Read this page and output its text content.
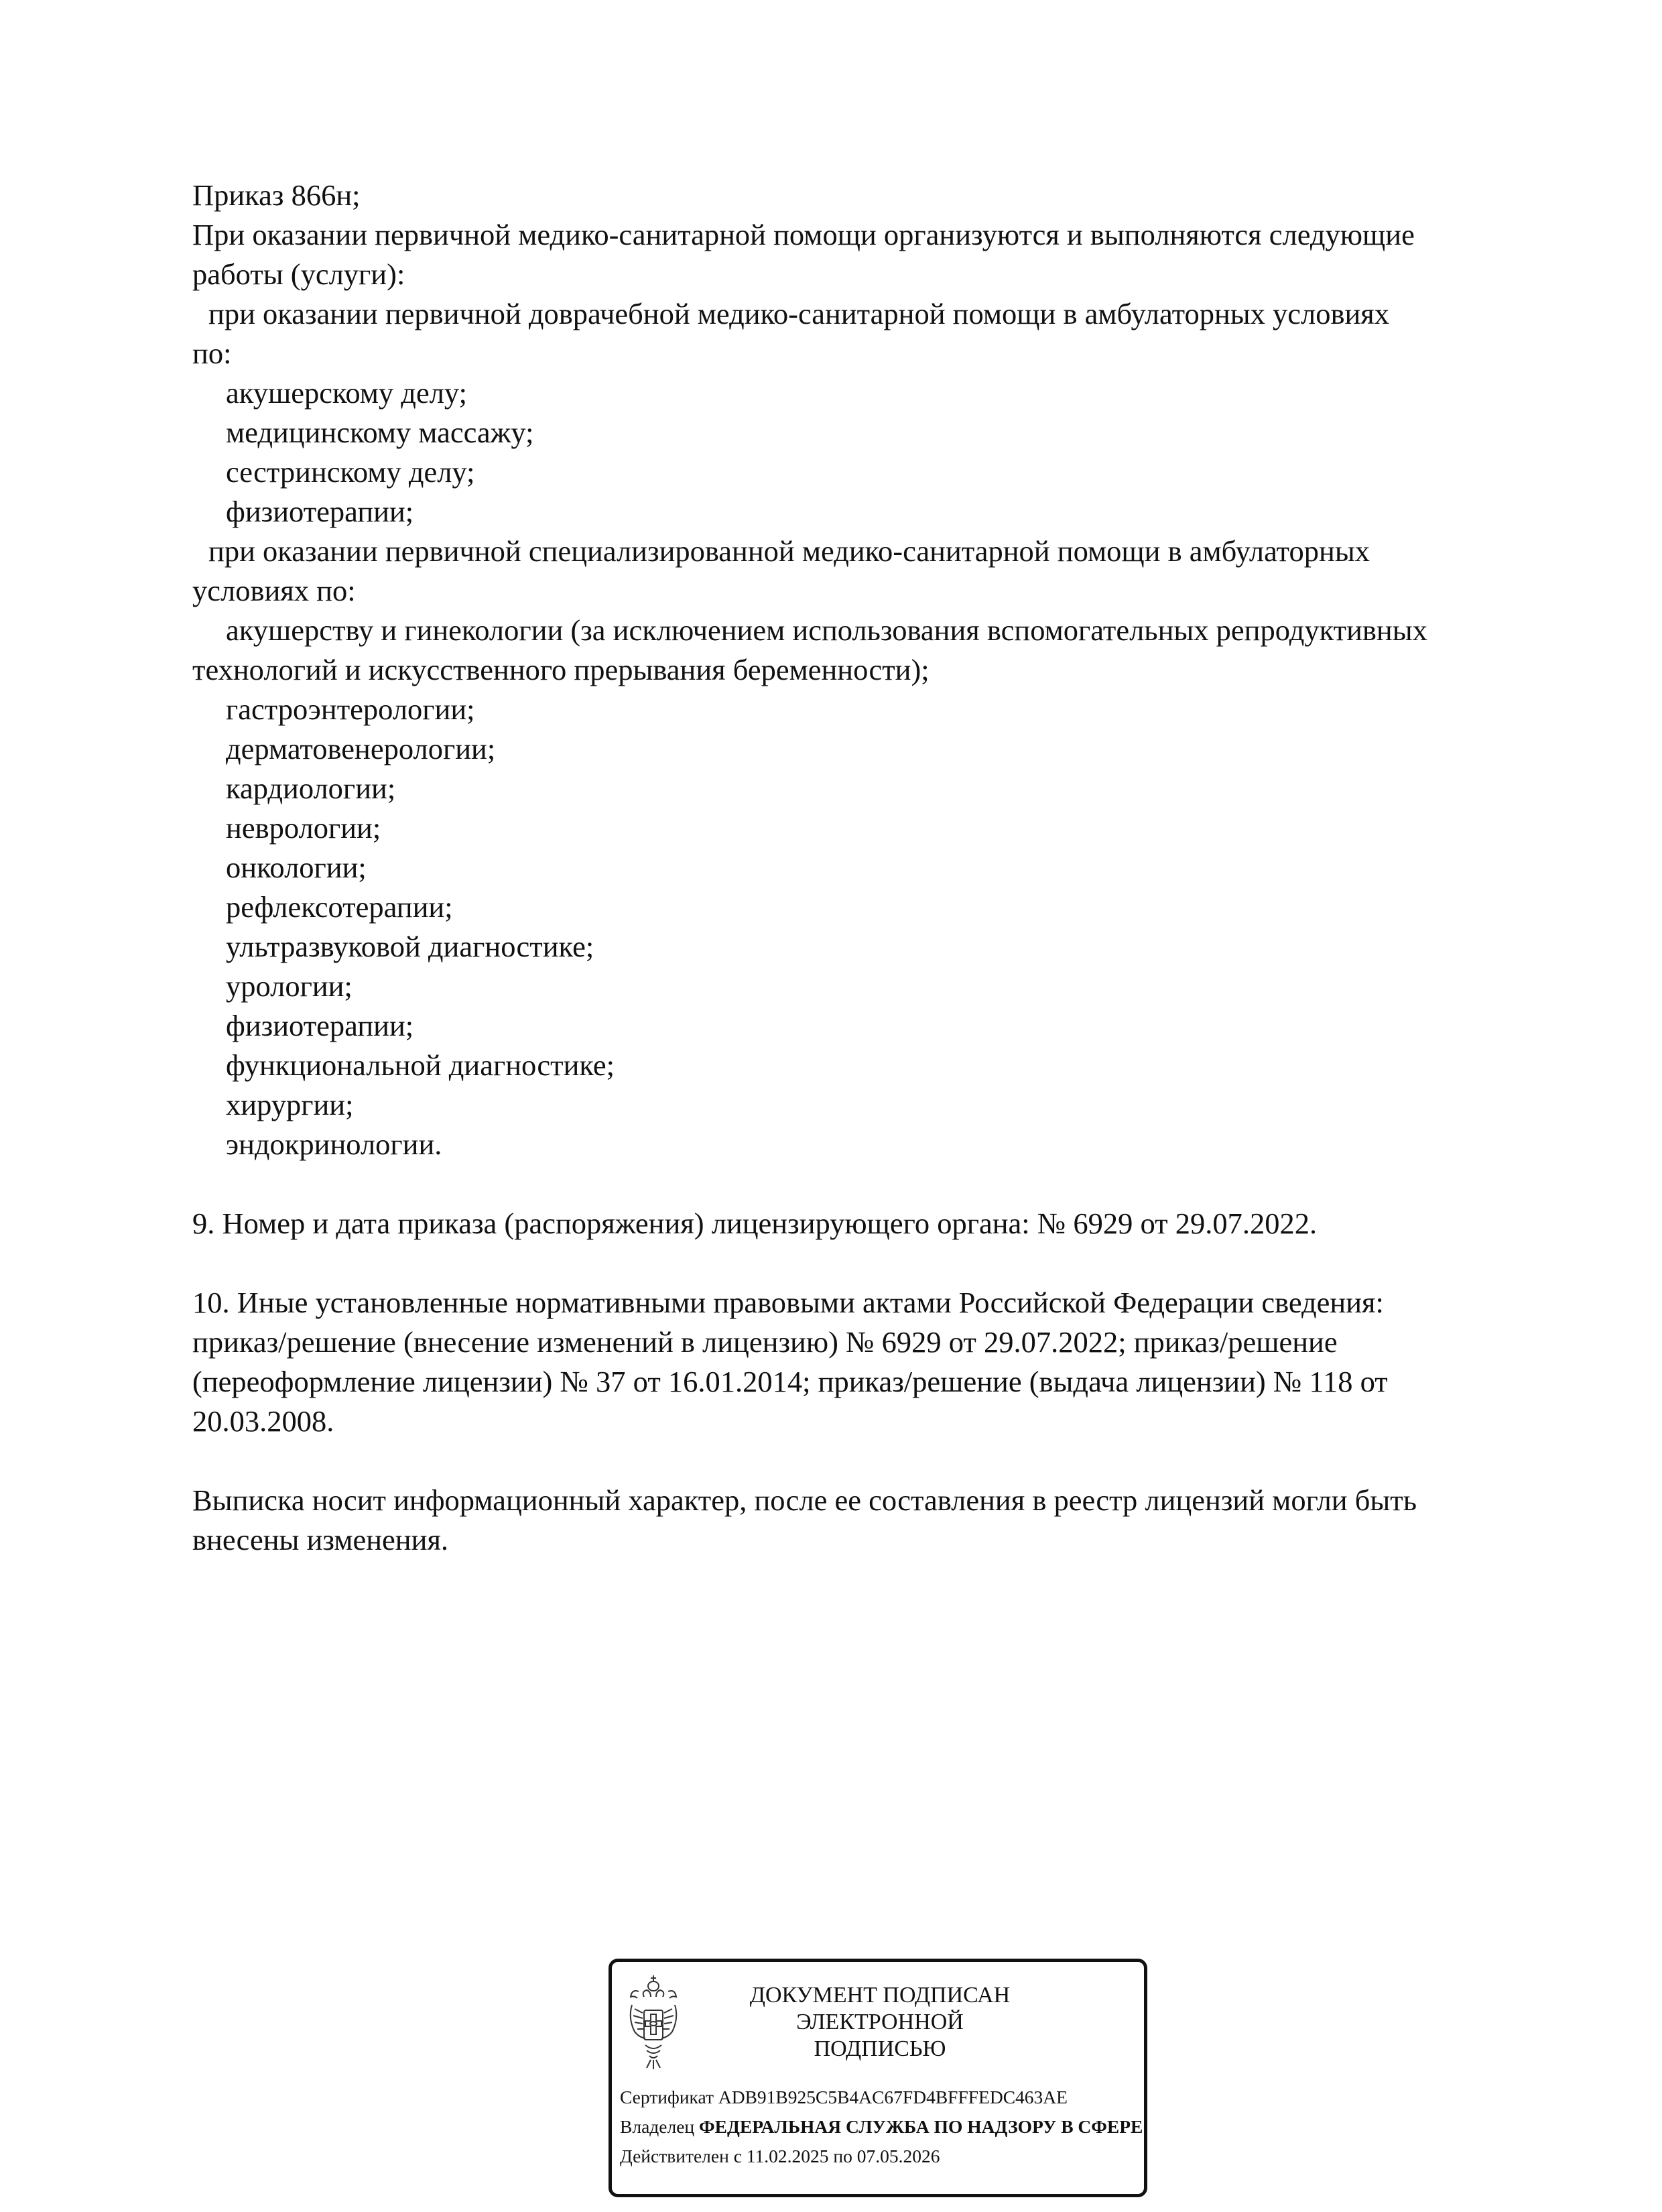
Приказ 866н;
При оказании первичной медико-санитарной помощи организуются и выполняются следующие
работы (услуги):
при оказании первичной доврачебной медико-санитарной помощи в амбулаторных условиях
по:
акушерскому делу;
медицинскому массажу;
сестринскому делу;
физиотерапии;
при оказании первичной специализированной медико-санитарной помощи в амбулаторных
условиях по:
акушерству и гинекологии (за исключением использования вспомогательных репродуктивных
технологий и искусственного прерывания беременности);
гастроэнтерологии;
дерматовенерологии;
кардиологии;
неврологии;
онкологии;
рефлексотерапии;
ультразвуковой диагностике;
урологии;
физиотерапии;
функциональной диагностике;
хирургии;
эндокринологии.
9. Номер и дата приказа (распоряжения) лицензирующего органа: № 6929 от 29.07.2022.
10. Иные установленные нормативными правовыми актами Российской Федерации сведения:
приказ/решение (внесение изменений в лицензию) № 6929 от 29.07.2022; приказ/решение
(переоформление лицензии) № 37 от 16.01.2014; приказ/решение (выдача лицензии) № 118 от
20.03.2008.
Выписка носит информационный характер, после ее составления в реестр лицензий могли быть
внесены изменения.
ДОКУМЕНТ ПОДПИСАН
ЭЛЕКТРОННОЙ ПОДПИСЬЮ
Сертификат ADB91B925C5B4AC67FD4BFFFEDC463AE
Владелец ФЕДЕРАЛЬНАЯ СЛУЖБА ПО НАДЗОРУ В СФЕРЕ
Действителен с 11.02.2025 по 07.05.2026
